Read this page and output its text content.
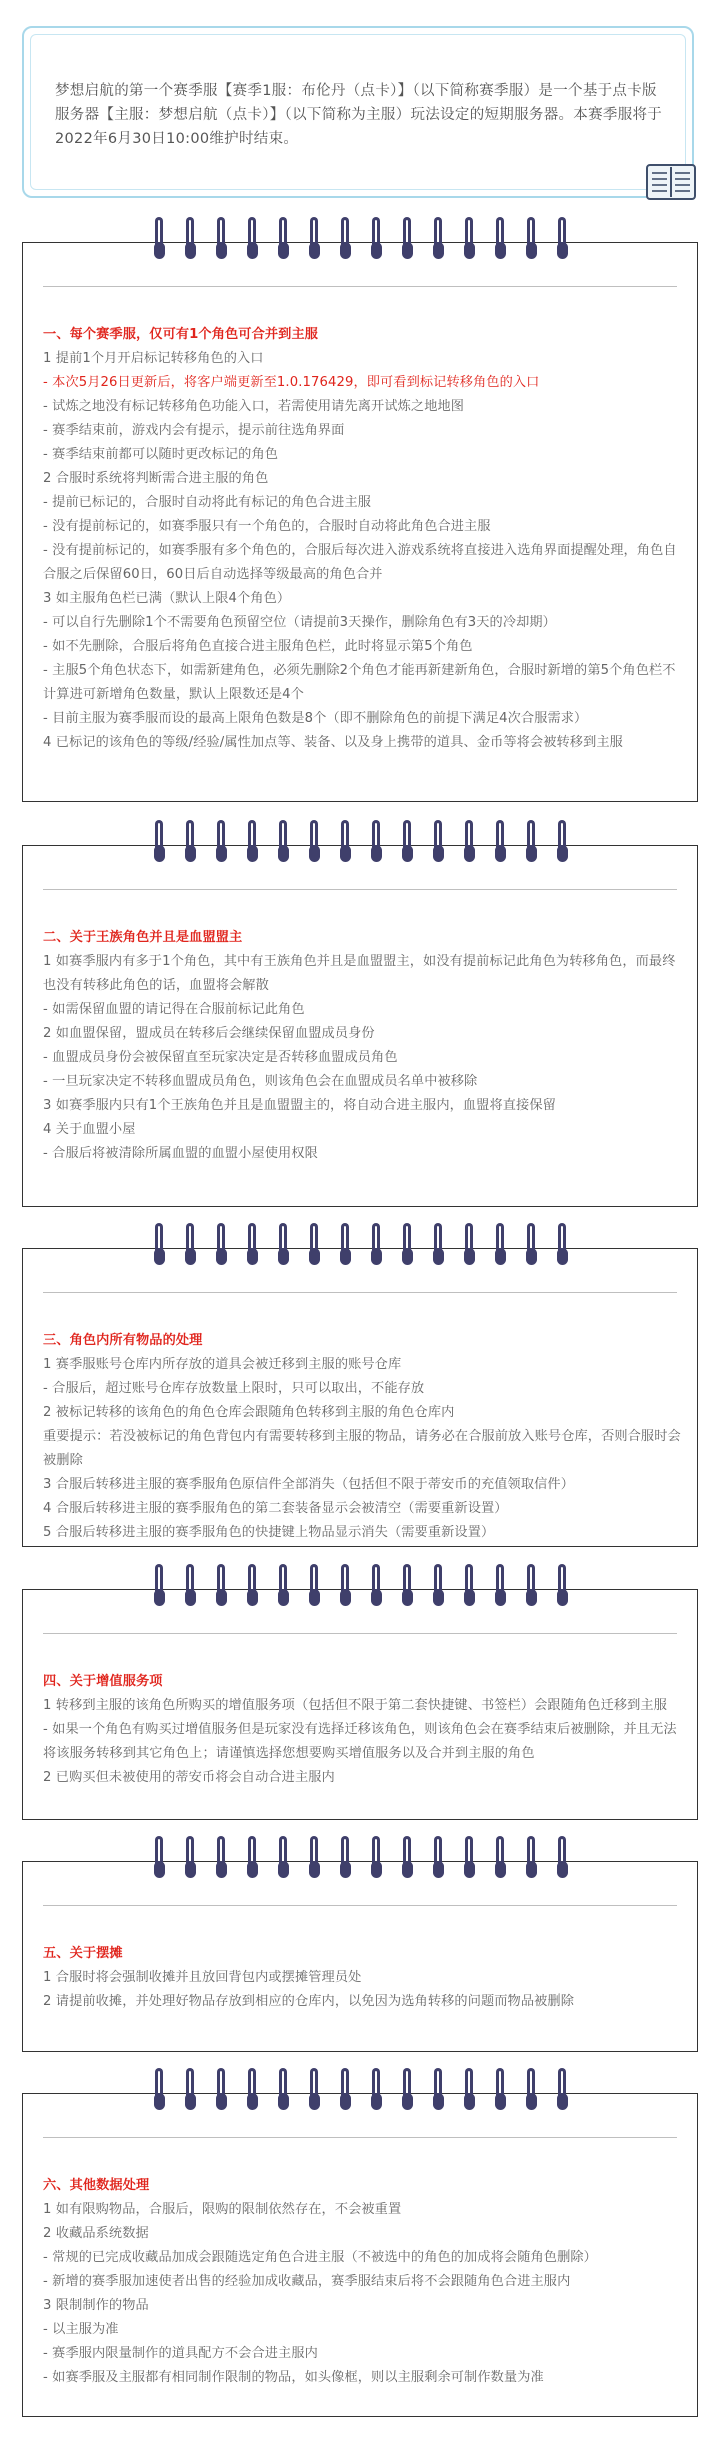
梦想启航的第一个赛季服【赛季1服：布伦丹（点卡）】（以下简称赛季服）是一个基于点卡版服务器【主服：梦想启航（点卡）】（以下简称为主服）玩法设定的短期服务器。本赛季服将于2022年6月30日10:00维护时结束。
一、每个赛季服，仅可有1个角色可合并到主服
1 提前1个月开启标记转移角色的入口
- 本次5月26日更新后，将客户端更新至1.0.176429，即可看到标记转移角色的入口
- 试炼之地没有标记转移角色功能入口，若需使用请先离开试炼之地地图
- 赛季结束前，游戏内会有提示，提示前往选角界面
- 赛季结束前都可以随时更改标记的角色
2 合服时系统将判断需合进主服的角色
- 提前已标记的，合服时自动将此有标记的角色合进主服
- 没有提前标记的，如赛季服只有一个角色的，合服时自动将此角色合进主服
- 没有提前标记的，如赛季服有多个角色的，合服后每次进入游戏系统将直接进入选角界面提醒处理，角色自合服之后保留60日，60日后自动选择等级最高的角色合并
3 如主服角色栏已满（默认上限4个角色）
- 可以自行先删除1个不需要角色预留空位（请提前3天操作，删除角色有3天的冷却期）
- 如不先删除，合服后将角色直接合进主服角色栏，此时将显示第5个角色
- 主服5个角色状态下，如需新建角色，必须先删除2个角色才能再新建新角色，合服时新增的第5个角色栏不计算进可新增角色数量，默认上限数还是4个
- 目前主服为赛季服而设的最高上限角色数是8个（即不删除角色的前提下满足4次合服需求）
4 已标记的该角色的等级/经验/属性加点等、装备、以及身上携带的道具、金币等将会被转移到主服
二、关于王族角色并且是血盟盟主
1 如赛季服内有多于1个角色，其中有王族角色并且是血盟盟主，如没有提前标记此角色为转移角色，而最终也没有转移此角色的话，血盟将会解散
- 如需保留血盟的请记得在合服前标记此角色
2 如血盟保留，盟成员在转移后会继续保留血盟成员身份
- 血盟成员身份会被保留直至玩家决定是否转移血盟成员角色
- 一旦玩家决定不转移血盟成员角色，则该角色会在血盟成员名单中被移除
3 如赛季服内只有1个王族角色并且是血盟盟主的，将自动合进主服内，血盟将直接保留
4 关于血盟小屋
- 合服后将被清除所属血盟的血盟小屋使用权限
三、角色内所有物品的处理
1 赛季服账号仓库内所存放的道具会被迁移到主服的账号仓库
- 合服后，超过账号仓库存放数量上限时，只可以取出，不能存放
2 被标记转移的该角色的角色仓库会跟随角色转移到主服的角色仓库内
重要提示：若没被标记的角色背包内有需要转移到主服的物品，请务必在合服前放入账号仓库，否则合服时会被删除
3 合服后转移进主服的赛季服角色原信件全部消失（包括但不限于蒂安币的充值领取信件）
4 合服后转移进主服的赛季服角色的第二套装备显示会被清空（需要重新设置）
5 合服后转移进主服的赛季服角色的快捷键上物品显示消失（需要重新设置）
四、关于增值服务项
1 转移到主服的该角色所购买的增值服务项（包括但不限于第二套快捷键、书签栏）会跟随角色迁移到主服
- 如果一个角色有购买过增值服务但是玩家没有选择迁移该角色，则该角色会在赛季结束后被删除，并且无法将该服务转移到其它角色上；请谨慎选择您想要购买增值服务以及合并到主服的角色
2 已购买但未被使用的蒂安币将会自动合进主服内
五、关于摆摊
1 合服时将会强制收摊并且放回背包内或摆摊管理员处
2 请提前收摊，并处理好物品存放到相应的仓库内，以免因为选角转移的问题而物品被删除
六、其他数据处理
1 如有限购物品，合服后，限购的限制依然存在，不会被重置
2 收藏品系统数据
- 常规的已完成收藏品加成会跟随选定角色合进主服（不被选中的角色的加成将会随角色删除）
- 新增的赛季服加速使者出售的经验加成收藏品，赛季服结束后将不会跟随角色合进主服内
3 限制制作的物品
- 以主服为准
- 赛季服内限量制作的道具配方不会合进主服内
- 如赛季服及主服都有相同制作限制的物品，如头像框，则以主服剩余可制作数量为准
